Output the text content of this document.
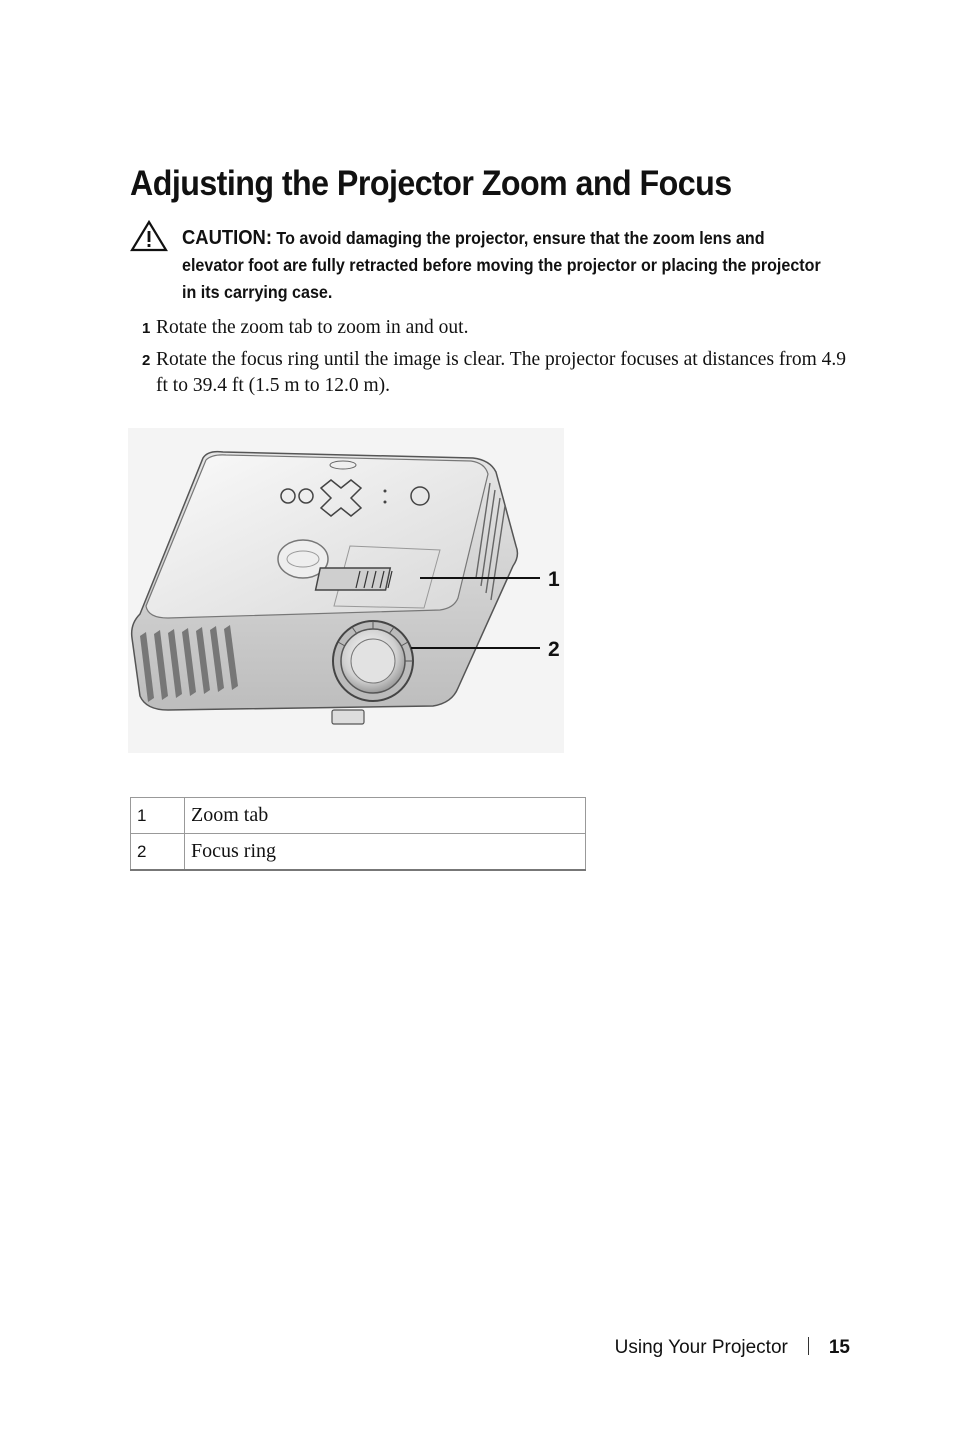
Adjusting the Projector Zoom and Focus
CAUTION: To avoid damaging the projector, ensure that the zoom lens and elevator foot are fully retracted before moving the projector or placing the projector in its carrying case.
1 Rotate the zoom tab to zoom in and out.
2 Rotate the focus ring until the image is clear. The projector focuses at distances from 4.9 ft to 39.4 ft (1.5 m to 12.0 m).
1
2
1	Zoom tab
2	Focus ring
Using Your Projector 15
